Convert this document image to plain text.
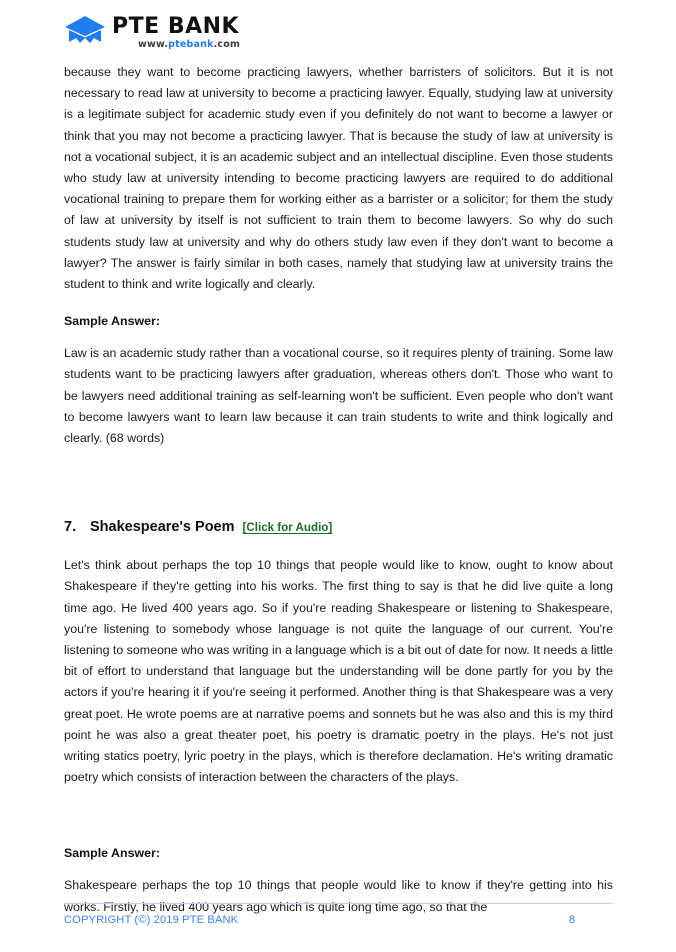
PTE BANK
www.ptebank.com

because they want to become practicing lawyers, whether barristers of solicitors. But it is not necessary to read law at university to become a practicing lawyer. Equally, studying law at university is a legitimate subject for academic study even if you definitely do not want to become a lawyer or think that you may not become a practicing lawyer. That is because the study of law at university is not a vocational subject, it is an academic subject and an intellectual discipline. Even those students who study law at university intending to become practicing lawyers are required to do additional vocational training to prepare them for working either as a barrister or a solicitor; for them the study of law at university by itself is not sufficient to train them to become lawyers. So why do such students study law at university and why do others study law even if they don't want to become a lawyer? The answer is fairly similar in both cases, namely that studying law at university trains the student to think and write logically and clearly.

Sample Answer:

Law is an academic study rather than a vocational course, so it requires plenty of training. Some law students want to be practicing lawyers after graduation, whereas others don't. Those who want to be lawyers need additional training as self-learning won't be sufficient. Even people who don't want to become lawyers want to learn law because it can train students to write and think logically and clearly. (68 words)

7. Shakespeare's Poem [Click for Audio]

Let's think about perhaps the top 10 things that people would like to know, ought to know about Shakespeare if they're getting into his works. The first thing to say is that he did live quite a long time ago. He lived 400 years ago. So if you're reading Shakespeare or listening to Shakespeare, you're listening to somebody whose language is not quite the language of our current. You're listening to someone who was writing in a language which is a bit out of date for now. It needs a little bit of effort to understand that language but the understanding will be done partly for you by the actors if you're hearing it if you're seeing it performed. Another thing is that Shakespeare was a very great poet. He wrote poems are at narrative poems and sonnets but he was also and this is my third point he was also a great theater poet, his poetry is dramatic poetry in the plays. He's not just writing statics poetry, lyric poetry in the plays, which is therefore declamation. He's writing dramatic poetry which consists of interaction between the characters of the plays.

Sample Answer:

Shakespeare perhaps the top 10 things that people would like to know if they're getting into his works. Firstly, he lived 400 years ago which is quite long time ago, so that the

COPYRIGHT (©) 2019 PTE BANK	8
